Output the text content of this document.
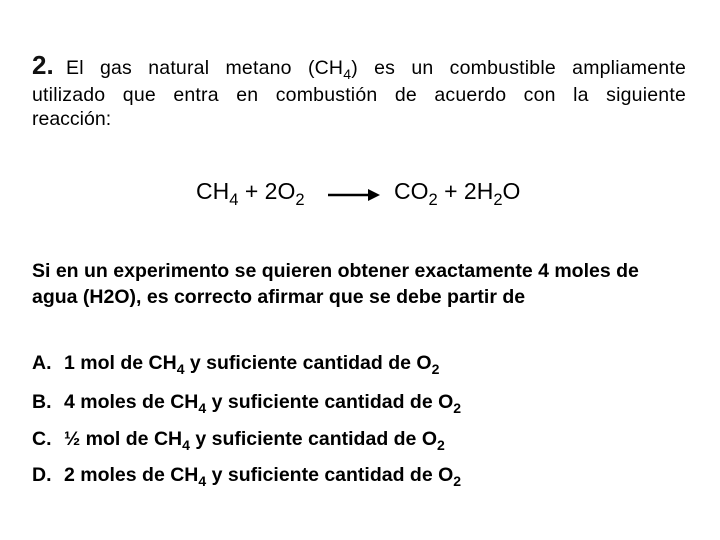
2. El gas natural metano $(CH_4)$ es un combustible ampliamente
utilizado que entra en combustión de acuerdo con la siguiente
reacción:
$CH_4 + 2O_2 \to CO_2 + 2H_2O$
Si en un experimento se quieren obtener exactamente 4 moles de
agua (H2O), es correcto afirmar que se debe partir de
A. 1 mol de $CH_4$ y suficiente cantidad de $O_2$
B. 4 moles de $CH_4$ y suficiente cantidad de $O_2$
C. ½ mol de $CH_4$ y suficiente cantidad de $O_2$
D. 2 moles de $CH_4$ y suficiente cantidad de $O_2$
